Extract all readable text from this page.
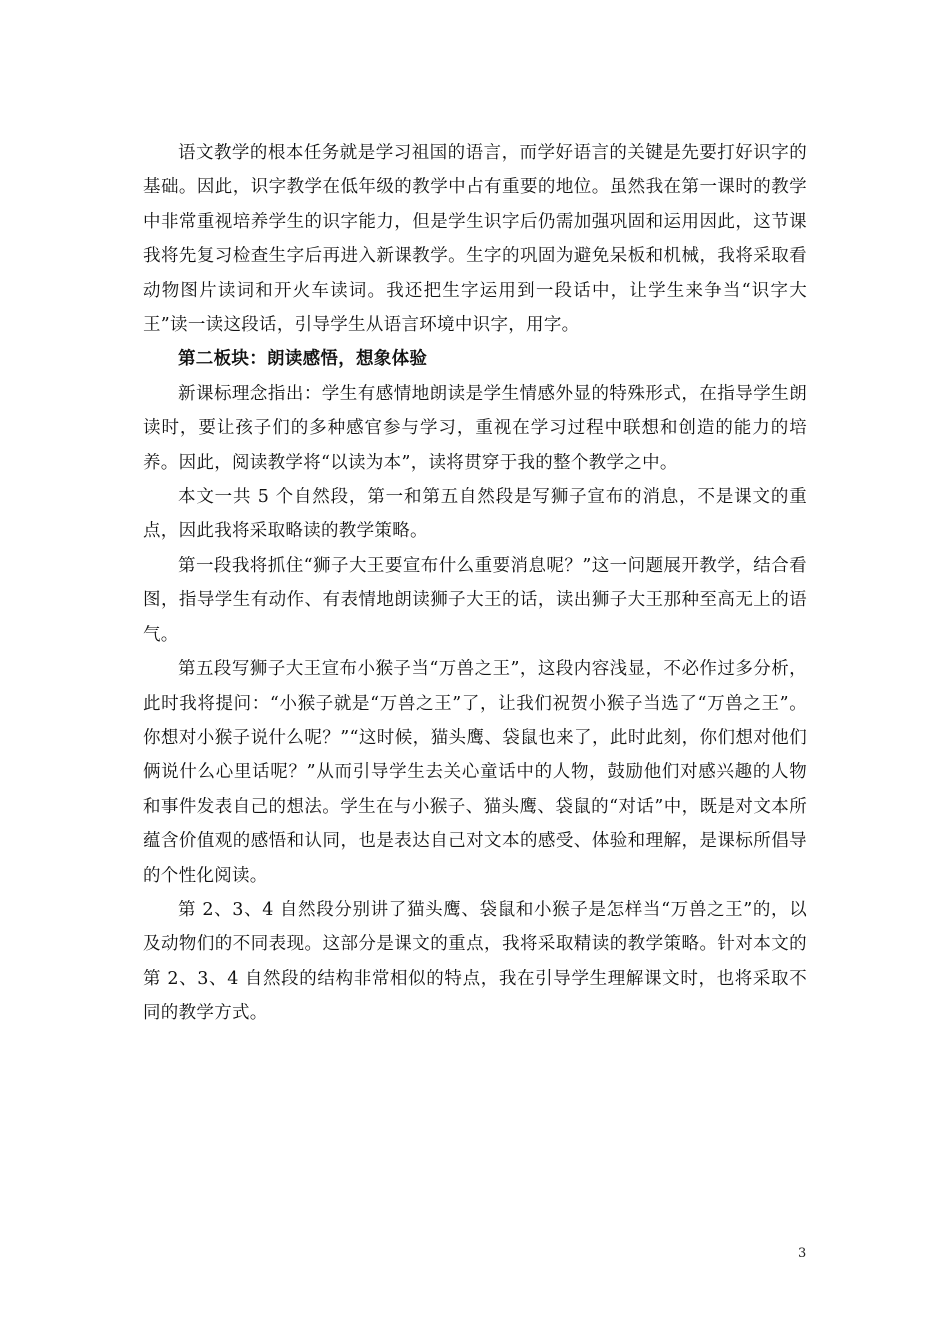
语文教学的根本任务就是学习祖国的语言，而学好语言的关键是先要打好识字的基础。因此，识字教学在低年级的教学中占有重要的地位。虽然我在第一课时的教学中非常重视培养学生的识字能力，但是学生识字后仍需加强巩固和运用因此，这节课我将先复习检查生字后再进入新课教学。生字的巩固为避免呆板和机械，我将采取看动物图片读词和开火车读词。我还把生字运用到一段话中，让学生来争当“识字大王”读一读这段话，引导学生从语言环境中识字，用字。

第二板块：朗读感悟，想象体验

新课标理念指出：学生有感情地朗读是学生情感外显的特殊形式，在指导学生朗读时，要让孩子们的多种感官参与学习，重视在学习过程中联想和创造的能力的培养。因此，阅读教学将“以读为本”，读将贯穿于我的整个教学之中。

本文一共 5 个自然段，第一和第五自然段是写狮子宣布的消息，不是课文的重点，因此我将采取略读的教学策略。

第一段我将抓住“狮子大王要宣布什么重要消息呢？”这一问题展开教学，结合看图，指导学生有动作、有表情地朗读狮子大王的话，读出狮子大王那种至高无上的语气。

第五段写狮子大王宣布小猴子当“万兽之王”，这段内容浅显，不必作过多分析，此时我将提问：“小猴子就是“万兽之王”了，让我们祝贺小猴子当选了“万兽之王”。你想对小猴子说什么呢？”“这时候，猫头鹰、袋鼠也来了，此时此刻，你们想对他们俩说什么心里话呢？”从而引导学生去关心童话中的人物，鼓励他们对感兴趣的人物和事件发表自己的想法。学生在与小猴子、猫头鹰、袋鼠的“对话”中，既是对文本所蕴含价值观的感悟和认同，也是表达自己对文本的感受、体验和理解，是课标所倡导的个性化阅读。

第 2、3、4 自然段分别讲了猫头鹰、袋鼠和小猴子是怎样当“万兽之王”的，以及动物们的不同表现。这部分是课文的重点，我将采取精读的教学策略。针对本文的第 2、3、4 自然段的结构非常相似的特点，我在引导学生理解课文时，也将采取不同的教学方式。

3
